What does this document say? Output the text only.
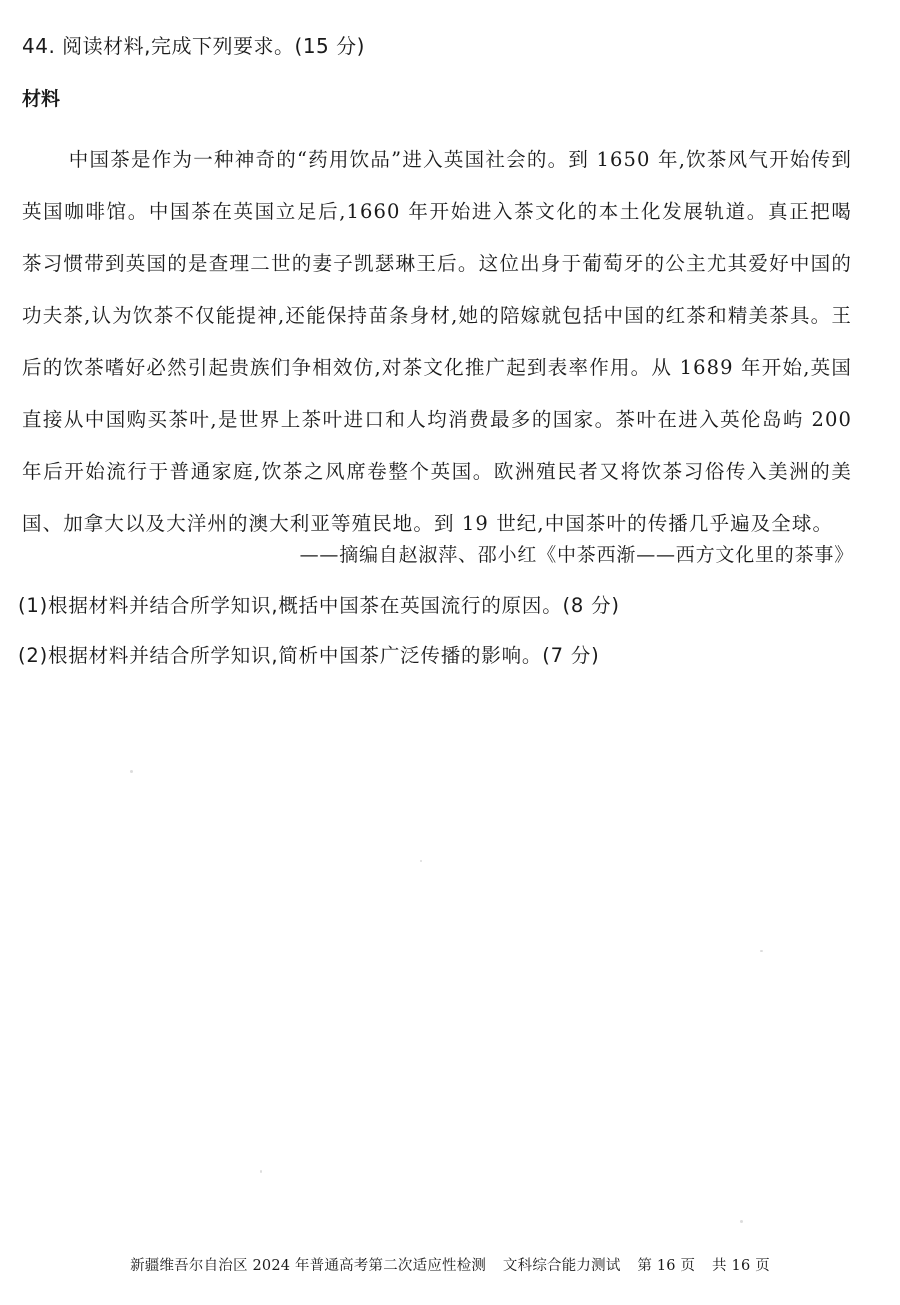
44. 阅读材料,完成下列要求。(15 分)
材料
中国茶是作为一种神奇的“药用饮品”进入英国社会的。到 1650 年,饮茶风气开始传到英国咖啡馆。中国茶在英国立足后,1660 年开始进入茶文化的本土化发展轨道。真正把喝茶习惯带到英国的是查理二世的妻子凯瑟琳王后。这位出身于葡萄牙的公主尤其爱好中国的功夫茶,认为饮茶不仅能提神,还能保持苗条身材,她的陪嫁就包括中国的红茶和精美茶具。王后的饮茶嗜好必然引起贵族们争相效仿,对茶文化推广起到表率作用。从 1689 年开始,英国直接从中国购买茶叶,是世界上茶叶进口和人均消费最多的国家。茶叶在进入英伦岛屿 200 年后开始流行于普通家庭,饮茶之风席卷整个英国。欧洲殖民者又将饮茶习俗传入美洲的美国、加拿大以及大洋州的澳大利亚等殖民地。到 19 世纪,中国茶叶的传播几乎遍及全球。
——摘编自赵淑萍、邵小红《中茶西渐——西方文化里的茶事》
(1)根据材料并结合所学知识,概括中国茶在英国流行的原因。(8 分)
(2)根据材料并结合所学知识,简析中国茶广泛传播的影响。(7 分)
新疆维吾尔自治区 2024 年普通高考第二次适应性检测 文科综合能力测试 第 16 页 共 16 页
